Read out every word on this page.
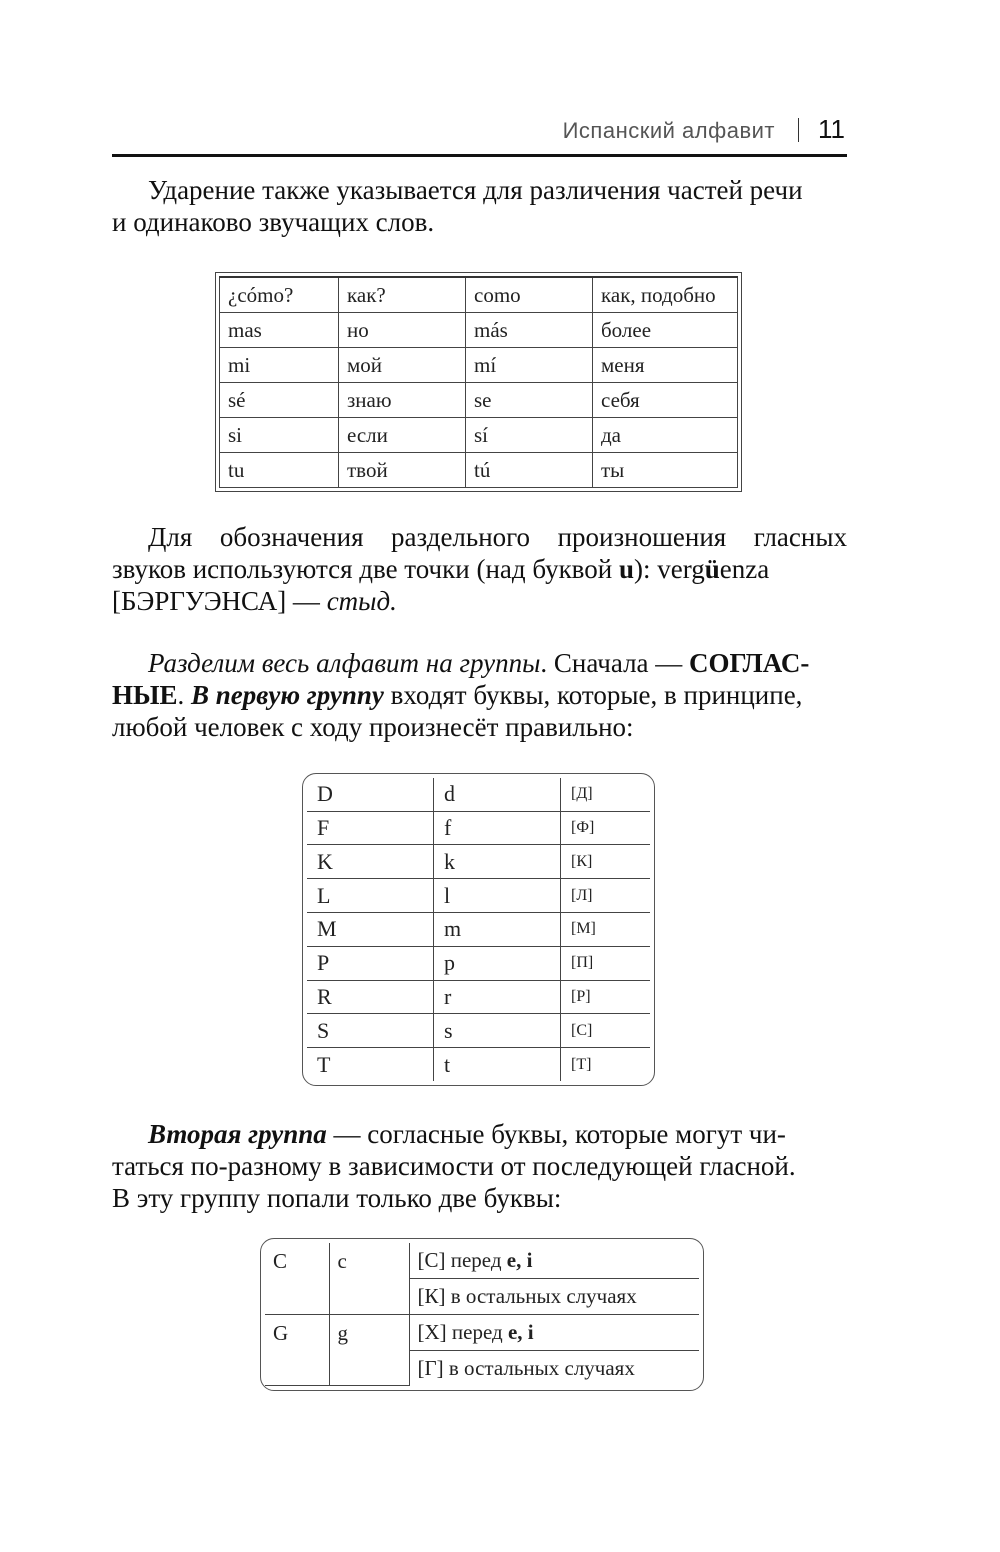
Испанский алфавит 11
Ударение также указывается для различения частей речи
и одинаково звучащих слов.
¿cómo?	как?	como	как, подобно
mas	но	más	более
mi	мой	mí	меня
sé	знаю	se	себя
si	если	sí	да
tu	твой	tú	ты
Для обозначения раздельного произношения гласных
звуков используются две точки (над буквой u): vergüenza
[БЭРГУЭНСА] — стыд.
Разделим весь алфавит на группы. Сначала — СОГЛАС-
НЫЕ. В первую группу входят буквы, которые, в принципе,
любой человек с ходу произнесёт правильно:
D	d	[Д]
F	f	[Ф]
K	k	[К]
L	l	[Л]
M	m	[М]
P	p	[П]
R	r	[Р]
S	s	[С]
T	t	[Т]
Вторая группа — согласные буквы, которые могут чи-
таться по-разному в зависимости от последующей гласной.
В эту группу попали только две буквы:
C	c	[С] перед e, i
		[К] в остальных случаях
G	g	[Х] перед e, i
		[Г] в остальных случаях
